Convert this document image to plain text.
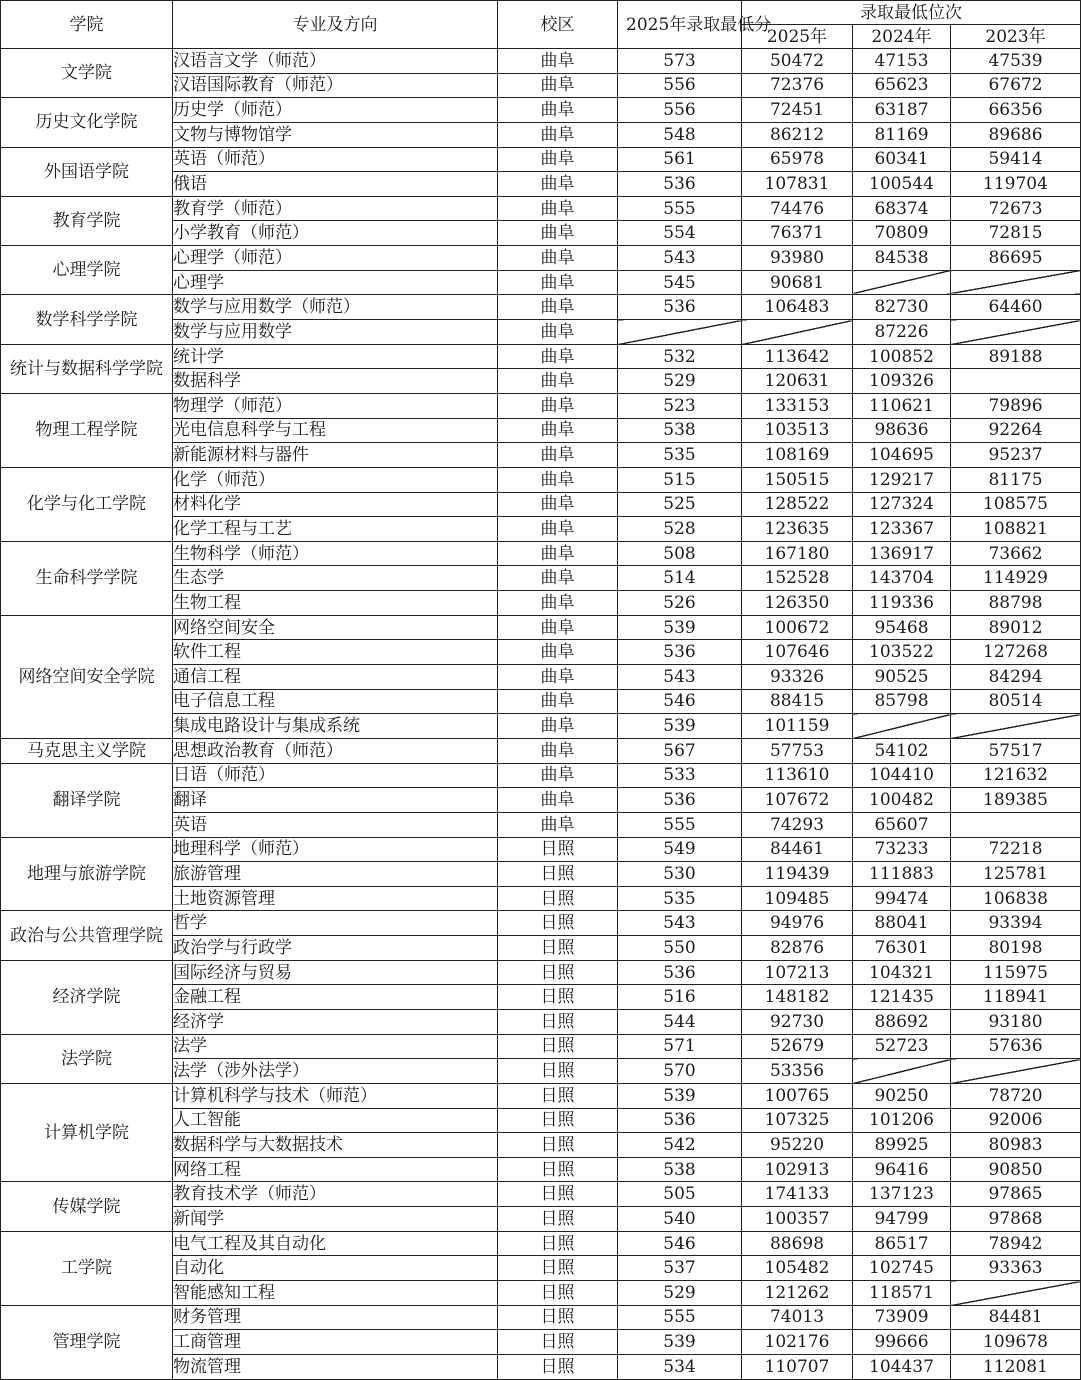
学院	专业及方向	校区	2025年录取最低分	录取最低位次		
				2025年	2024年	2023年
文学院	汉语言文学（师范）	曲阜	573	50472	47153	47539
	汉语国际教育（师范）	曲阜	556	72376	65623	67672
历史文化学院	历史学（师范）	曲阜	556	72451	63187	66356
	文物与博物馆学	曲阜	548	86212	81169	89686
外国语学院	英语（师范）	曲阜	561	65978	60341	59414
	俄语	曲阜	536	107831	100544	119704
教育学院	教育学（师范）	曲阜	555	74476	68374	72673
	小学教育（师范）	曲阜	554	76371	70809	72815
心理学院	心理学（师范）	曲阜	543	93980	84538	86695
	心理学	曲阜	545	90681		
数学科学学院	数学与应用数学（师范）	曲阜	536	106483	82730	64460
	数学与应用数学	曲阜			87226	
统计与数据科学学院	统计学	曲阜	532	113642	100852	89188
	数据科学	曲阜	529	120631	109326	
物理工程学院	物理学（师范）	曲阜	523	133153	110621	79896
	光电信息科学与工程	曲阜	538	103513	98636	92264
	新能源材料与器件	曲阜	535	108169	104695	95237
化学与化工学院	化学（师范）	曲阜	515	150515	129217	81175
	材料化学	曲阜	525	128522	127324	108575
	化学工程与工艺	曲阜	528	123635	123367	108821
生命科学学院	生物科学（师范）	曲阜	508	167180	136917	73662
	生态学	曲阜	514	152528	143704	114929
	生物工程	曲阜	526	126350	119336	88798
网络空间安全学院	网络空间安全	曲阜	539	100672	95468	89012
	软件工程	曲阜	536	107646	103522	127268
	通信工程	曲阜	543	93326	90525	84294
	电子信息工程	曲阜	546	88415	85798	80514
	集成电路设计与集成系统	曲阜	539	101159		
马克思主义学院	思想政治教育（师范）	曲阜	567	57753	54102	57517
翻译学院	日语（师范）	曲阜	533	113610	104410	121632
	翻译	曲阜	536	107672	100482	189385
	英语	曲阜	555	74293	65607	
地理与旅游学院	地理科学（师范）	日照	549	84461	73233	72218
	旅游管理	日照	530	119439	111883	125781
	土地资源管理	日照	535	109485	99474	106838
政治与公共管理学院	哲学	日照	543	94976	88041	93394
	政治学与行政学	日照	550	82876	76301	80198
经济学院	国际经济与贸易	日照	536	107213	104321	115975
	金融工程	日照	516	148182	121435	118941
	经济学	日照	544	92730	88692	93180
法学院	法学	日照	571	52679	52723	57636
	法学（涉外法学）	日照	570	53356		
计算机学院	计算机科学与技术（师范）	日照	539	100765	90250	78720
	人工智能	日照	536	107325	101206	92006
	数据科学与大数据技术	日照	542	95220	89925	80983
	网络工程	日照	538	102913	96416	90850
传媒学院	教育技术学（师范）	日照	505	174133	137123	97865
	新闻学	日照	540	100357	94799	97868
工学院	电气工程及其自动化	日照	546	88698	86517	78942
	自动化	日照	537	105482	102745	93363
	智能感知工程	日照	529	121262	118571	
管理学院	财务管理	日照	555	74013	73909	84481
	工商管理	日照	539	102176	99666	109678
	物流管理	日照	534	110707	104437	112081
